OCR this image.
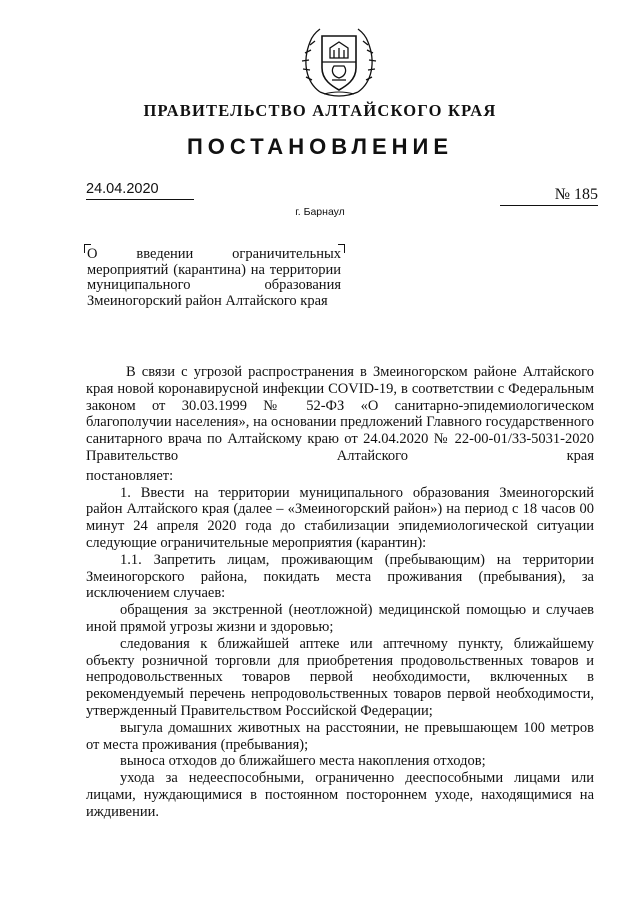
ПРАВИТЕЛЬСТВО АЛТАЙСКОГО КРАЯ
ПОСТАНОВЛЕНИЕ
24.04.2020	№ 185
г. Барнаул
О введении ограничительных мероприятий (карантина) на территории муниципального образования Змеиногорский район Алтайского края

В связи с угрозой распространения в Змеиногорском районе Алтайского края новой коронавирусной инфекции COVID-19, в соответствии с Федеральным законом от 30.03.1999 № 52-ФЗ «О санитарно-эпидемиологическом благополучии населения», на основании предложений Главного государственного санитарного врача по Алтайскому краю от 24.04.2020 № 22-00-01/33-5031-2020 Правительство Алтайского края

постановляет:

1. Ввести на территории муниципального образования Змеиногорский район Алтайского края (далее – «Змеиногорский район») на период с 18 часов 00 минут 24 апреля 2020 года до стабилизации эпидемиологической ситуации следующие ограничительные мероприятия (карантин):

1.1. Запретить лицам, проживающим (пребывающим) на территории Змеиногорского района, покидать места проживания (пребывания), за исключением случаев:

обращения за экстренной (неотложной) медицинской помощью и случаев иной прямой угрозы жизни и здоровью;

следования к ближайшей аптеке или аптечному пункту, ближайшему объекту розничной торговли для приобретения продовольственных товаров и непродовольственных товаров первой необходимости, включенных в рекомендуемый перечень непродовольственных товаров первой необходимости, утвержденный Правительством Российской Федерации;

выгула домашних животных на расстоянии, не превышающем 100 метров от места проживания (пребывания);

выноса отходов до ближайшего места накопления отходов;

ухода за недееспособными, ограниченно дееспособными лицами или лицами, нуждающимися в постоянном постороннем уходе, находящимися на иждивении.
